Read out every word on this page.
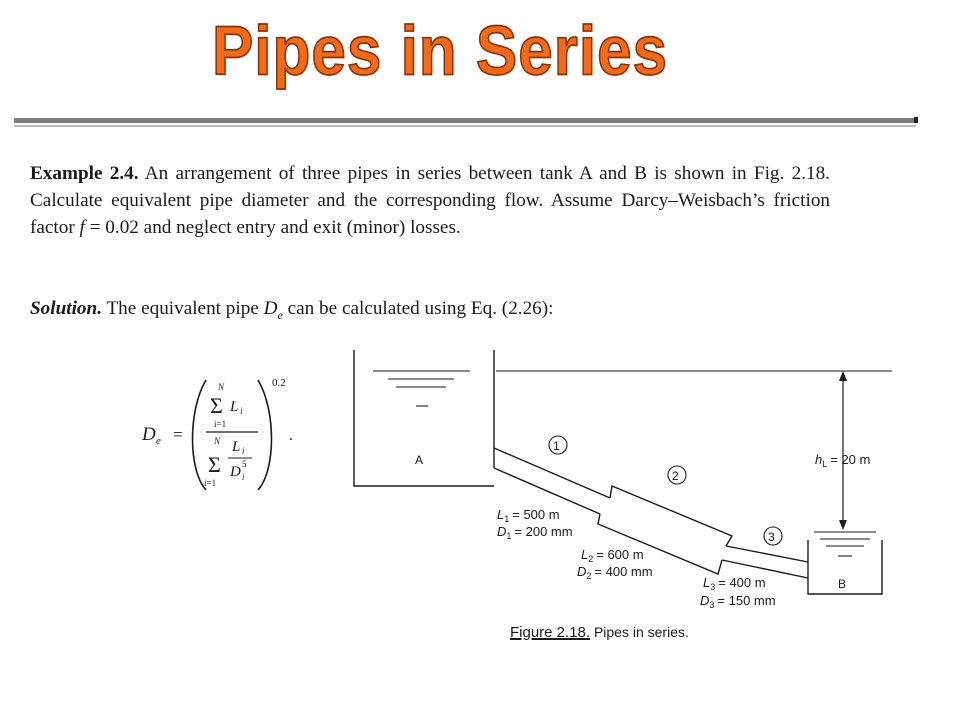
Pipes in Series
Example 2.4. An arrangement of three pipes in series between tank A and B is shown in Fig. 2.18. Calculate equivalent pipe diameter and the corresponding flow. Assume Darcy–Weisbach’s friction factor f = 0.02 and neglect entry and exit (minor) losses.
Solution. The equivalent pipe $D_e$ can be calculated using Eq. (2.26):
D e =
N
Σ L i
i=1
N
Σ
L i
D 5
i
i=1
0.2
.
1
2
3
A
B
$h_L = 20$ m
$L_1 = 500$ m
$D_1 = 200$ mm
$L_2 = 600$ m
$D_2 = 400$ mm
$L_3 = 400$ m
$D_3 = 150$ mm
Figure 2.18. Pipes in series.
